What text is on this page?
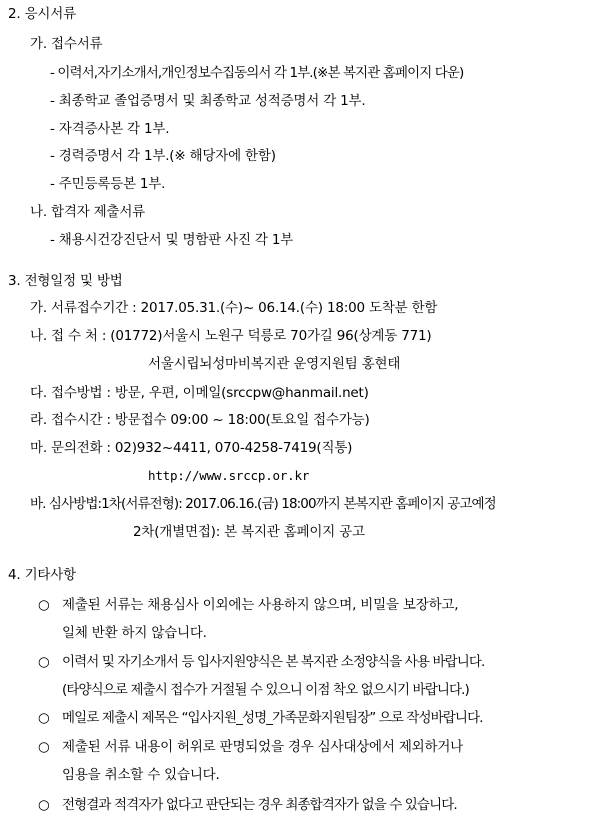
2. 응시서류
가. 접수서류
- 이력서,자기소개서,개인정보수집동의서 각 1부.(※본 복지관 홈페이지 다운)
- 최종학교 졸업증명서 및 최종학교 성적증명서 각 1부.
- 자격증사본 각 1부.
- 경력증명서 각 1부.(※ 해당자에 한함)
- 주민등록등본 1부.
나. 합격자 제출서류
- 채용시건강진단서 및 명함판 사진 각 1부
3. 전형일정 및 방법
가. 서류접수기간 : 2017.05.31.(수)~ 06.14.(수) 18:00 도착분 한함
나. 접 수 처 : (01772)서울시 노원구 덕릉로 70가길 96(상계동 771)
서울시립뇌성마비복지관 운영지원팀 홍현태
다. 접수방법 : 방문, 우편, 이메일(srccpw@hanmail.net)
라. 접수시간 : 방문접수 09:00 ~ 18:00(토요일 접수가능)
마. 문의전화 : 02)932~4411, 070-4258-7419(직통)
http://www.srccp.or.kr
바. 심사방법:1차(서류전형): 2017.06.16.(금) 18:00까지 본복지관 홈페이지 공고예정
2차(개별면접): 본 복지관 홈페이지 공고
4. 기타사항
○ 제출된 서류는 채용심사 이외에는 사용하지 않으며, 비밀을 보장하고,
일체 반환 하지 않습니다.
○ 이력서 및 자기소개서 등 입사지원양식은 본 복지관 소정양식을 사용 바랍니다.
(타양식으로 제출시 접수가 거절될 수 있으니 이점 착오 없으시기 바랍니다.)
○ 메일로 제출시 제목은 “입사지원_성명_가족문화지원팀장” 으로 작성바랍니다.
○ 제출된 서류 내용이 허위로 판명되었을 경우 심사대상에서 제외하거나
임용을 취소할 수 있습니다.
○ 전형결과 적격자가 없다고 판단되는 경우 최종합격자가 없을 수 있습니다.
